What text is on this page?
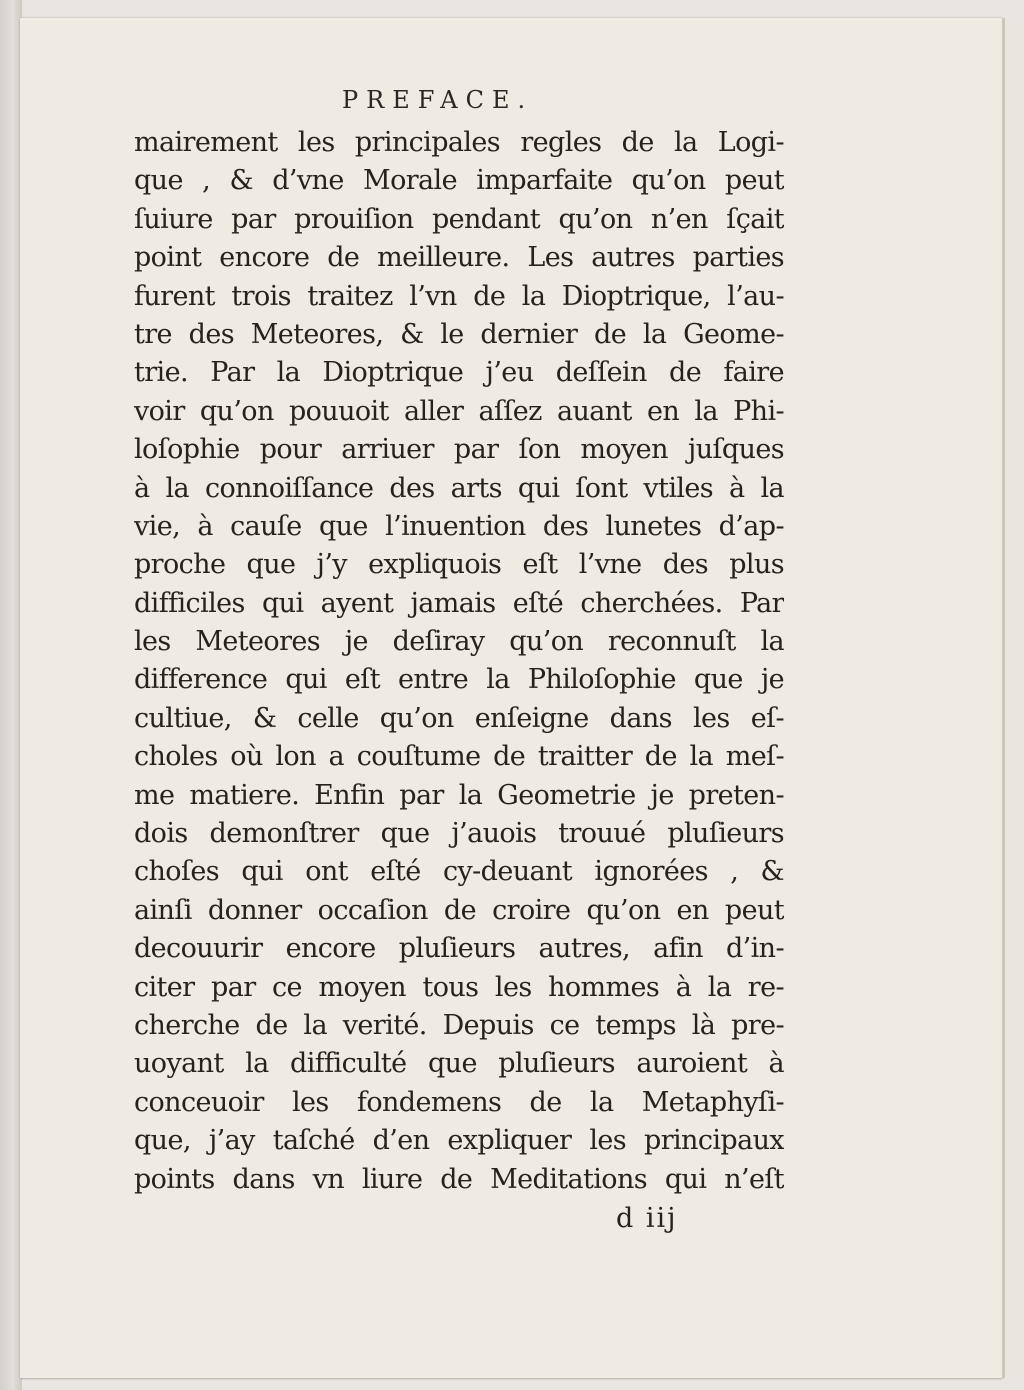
PREFACE.
mairement les principales regles de la Logi-
que , & d’vne Morale imparfaite qu’on peut
ſuiure par prouiſion pendant qu’on n’en ſçait
point encore de meilleure. Les autres parties
furent trois traitez l’vn de la Dioptrique, l’au-
tre des Meteores, & le dernier de la Geome-
trie. Par la Dioptrique j’eu deſſein de faire
voir qu’on pouuoit aller aſſez auant en la Phi-
loſophie pour arriuer par ſon moyen juſques
à la connoiſſance des arts qui ſont vtiles à la
vie, à cauſe que l’inuention des lunetes d’ap-
proche que j’y expliquois eſt l’vne des plus
difficiles qui ayent jamais eſté cherchées. Par
les Meteores je deſiray qu’on reconnuſt la
difference qui eſt entre la Philoſophie que je
cultiue, & celle qu’on enſeigne dans les eſ-
choles où lon a couſtume de traitter de la meſ-
me matiere. Enfin par la Geometrie je preten-
dois demonſtrer que j’auois trouué pluſieurs
choſes qui ont eſté cy-deuant ignorées , &
ainſi donner occaſion de croire qu’on en peut
decouurir encore pluſieurs autres, afin d’in-
citer par ce moyen tous les hommes à la re-
cherche de la verité. Depuis ce temps là pre-
uoyant la difficulté que pluſieurs auroient à
conceuoir les fondemens de la Metaphyſi-
que, j’ay taſché d’en expliquer les principaux
points dans vn liure de Meditations qui n’eſt
d iij
